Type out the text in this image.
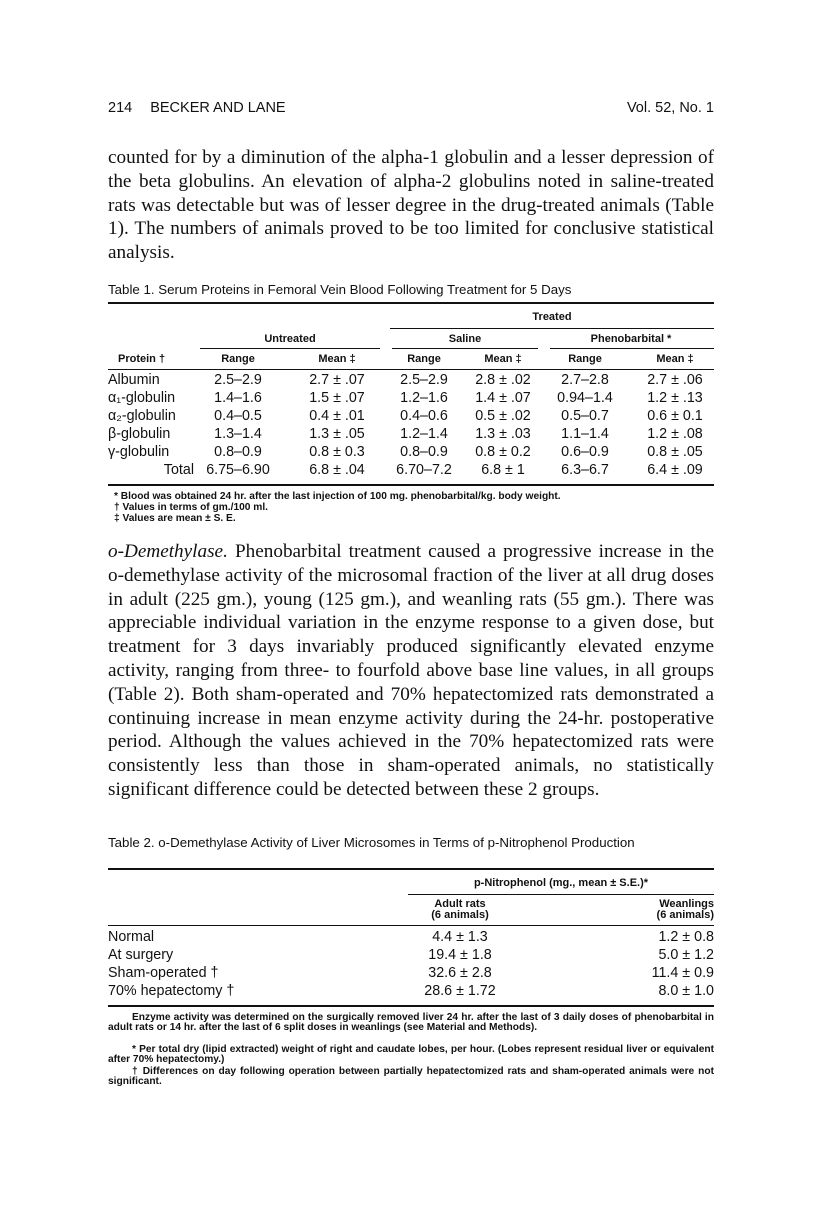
214 BECKER AND LANE	Vol. 52, No. 1

counted for by a diminution of the alpha-1 globulin and a lesser depression of the beta globulins. An elevation of alpha-2 globulins noted in saline-treated rats was detectable but was of lesser degree in the drug-treated animals (Table 1). The numbers of animals proved to be too limited for conclusive statistical analysis.

Table 1. Serum Proteins in Femoral Vein Blood Following Treatment for 5 Days
Treated
Untreated	Saline	Phenobarbital *
Protein †	Range	Mean ‡	Range	Mean ‡	Range	Mean ‡
Albumin	2.5–2.9	2.7 ± .07	2.5–2.9	2.8 ± .02	2.7–2.8	2.7 ± .06
α₁-globulin	1.4–1.6	1.5 ± .07	1.2–1.6	1.4 ± .07	0.94–1.4	1.2 ± .13
α₂-globulin	0.4–0.5	0.4 ± .01	0.4–0.6	0.5 ± .02	0.5–0.7	0.6 ± 0.1
β-globulin	1.3–1.4	1.3 ± .05	1.2–1.4	1.3 ± .03	1.1–1.4	1.2 ± .08
γ-globulin	0.8–0.9	0.8 ± 0.3	0.8–0.9	0.8 ± 0.2	0.6–0.9	0.8 ± .05
Total 6.75–6.90	6.8 ± .04	6.70–7.2	6.8 ± 1	6.3–6.7	6.4 ± .09
* Blood was obtained 24 hr. after the last injection of 100 mg. phenobarbital/kg. body weight.
† Values in terms of gm./100 ml.
‡ Values are mean ± S. E.

o-Demethylase. Phenobarbital treatment caused a progressive increase in the o-demethylase activity of the microsomal fraction of the liver at all drug doses in adult (225 gm.), young (125 gm.), and weanling rats (55 gm.). There was appreciable individual variation in the enzyme response to a given dose, but treatment for 3 days invariably produced significantly elevated enzyme activity, ranging from three- to fourfold above base line values, in all groups (Table 2). Both sham-operated and 70% hepatectomized rats demonstrated a continuing increase in mean enzyme activity during the 24-hr. postoperative period. Although the values achieved in the 70% hepatectomized rats were consistently less than those in sham-operated animals, no statistically significant difference could be detected between these 2 groups.

Table 2. o-Demethylase Activity of Liver Microsomes in Terms of p-Nitrophenol Production
p-Nitrophenol (mg., mean ± S.E.)*
Adult rats
(6 animals)
Weanlings
(6 animals)
Normal	4.4 ± 1.3	1.2 ± 0.8
At surgery	19.4 ± 1.8	5.0 ± 1.2
Sham-operated †	32.6 ± 2.8	11.4 ± 0.9
70% hepatectomy †	28.6 ± 1.72	8.0 ± 1.0
Enzyme activity was determined on the surgically removed liver 24 hr. after the last of 3 daily doses of phenobarbital in adult rats or 14 hr. after the last of 6 split doses in weanlings (see Material and Methods).
* Per total dry (lipid extracted) weight of right and caudate lobes, per hour. (Lobes represent residual liver or equivalent after 70% hepatectomy.)
† Differences on day following operation between partially hepatectomized rats and sham-operated animals were not significant.
